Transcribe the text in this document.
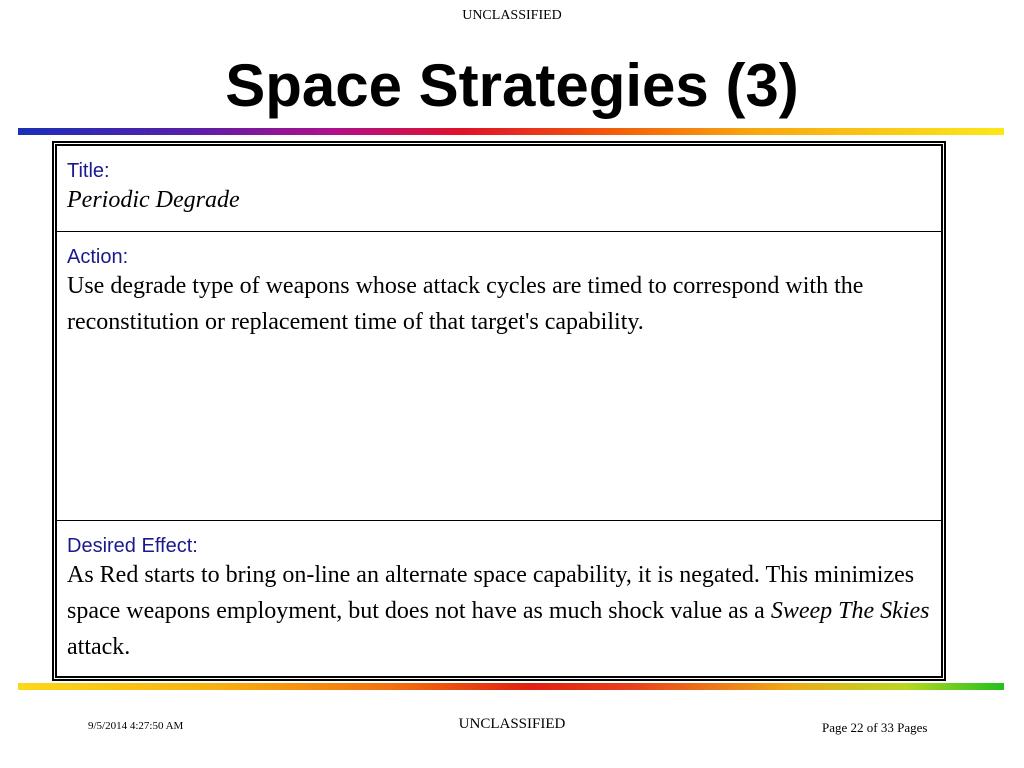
UNCLASSIFIED
Space Strategies (3)
Title:
Periodic Degrade
Action:
Use degrade type of weapons whose attack cycles are timed to correspond with the reconstitution or replacement time of that target's capability.
Desired Effect:
As Red starts to bring on-line an alternate space capability, it is negated. This minimizes space weapons employment, but does not have as much shock value as a Sweep The Skies attack.
9/5/2014 4:27:50 AM	UNCLASSIFIED	Page 22 of 33 Pages
